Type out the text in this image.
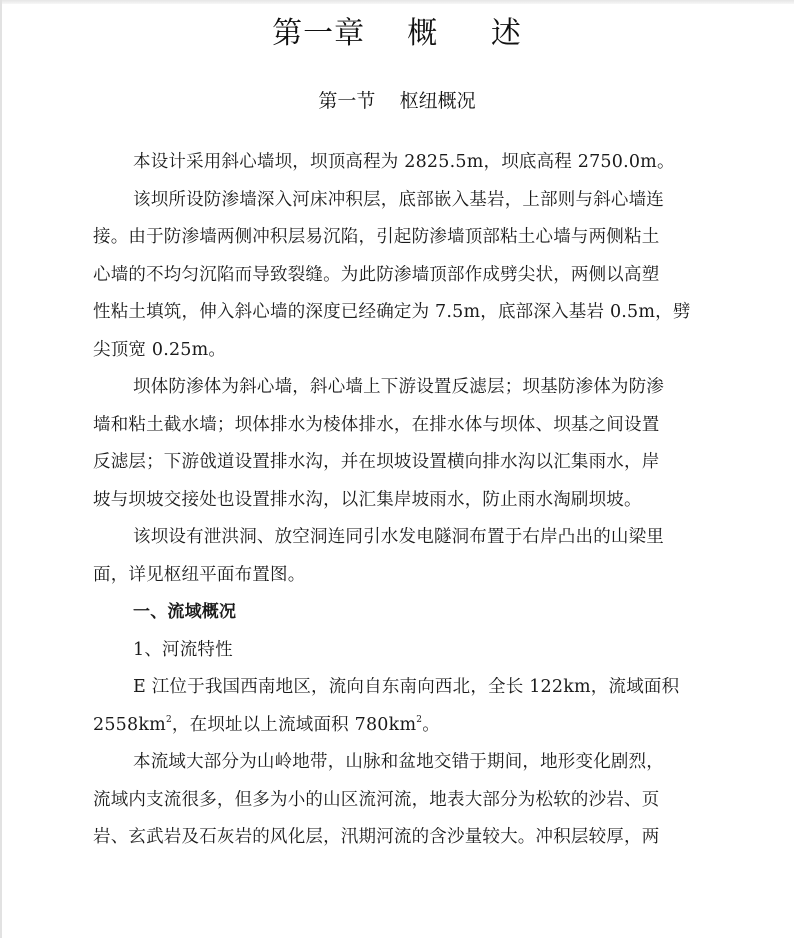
第一章    概     述
第一节    枢纽概况
本设计采用斜心墙坝，坝顶高程为 2825.5m，坝底高程 2750.0m。
该坝所设防渗墙深入河床冲积层，底部嵌入基岩，上部则与斜心墙连
接。由于防渗墙两侧冲积层易沉陷，引起防渗墙顶部粘土心墙与两侧粘土
心墙的不均匀沉陷而导致裂缝。为此防渗墙顶部作成劈尖状，两侧以高塑
性粘土填筑，伸入斜心墙的深度已经确定为 7.5m，底部深入基岩 0.5m，劈
尖顶宽 0.25m。
坝体防渗体为斜心墙，斜心墙上下游设置反滤层；坝基防渗体为防渗
墙和粘土截水墙；坝体排水为棱体排水，在排水体与坝体、坝基之间设置
反滤层；下游戗道设置排水沟，并在坝坡设置横向排水沟以汇集雨水，岸
坡与坝坡交接处也设置排水沟，以汇集岸坡雨水，防止雨水淘刷坝坡。
该坝设有泄洪洞、放空洞连同引水发电隧洞布置于右岸凸出的山梁里
面，详见枢纽平面布置图。
一、流域概况
1、河流特性
E 江位于我国西南地区，流向自东南向西北，全长 122km，流域面积
$2558km^2$，在坝址以上流域面积 $780km^2$。
本流域大部分为山岭地带，山脉和盆地交错于期间，地形变化剧烈，
流域内支流很多，但多为小的山区流河流，地表大部分为松软的沙岩、页
岩、玄武岩及石灰岩的风化层，汛期河流的含沙量较大。冲积层较厚，两
